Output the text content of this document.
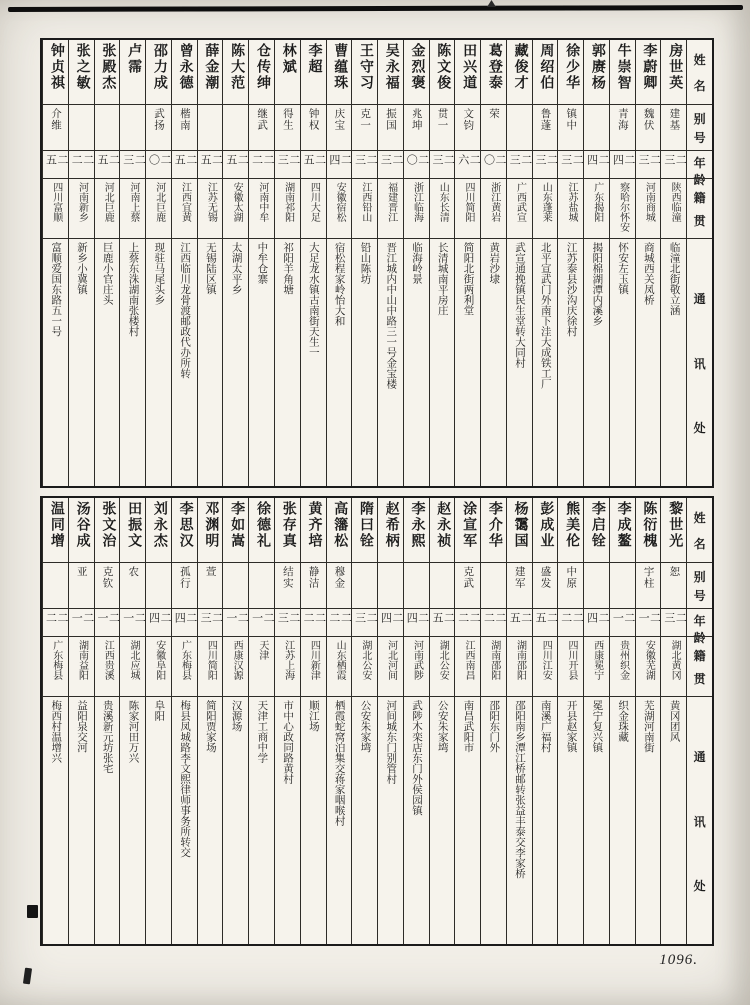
姓
名
别
号
年
龄
籍
贯
通
讯
处
房世英
建基
二三
陕西临潼
临潼北街敬立涵
李蔚卿
魏伏
二三
河南商城
商城西关凤桥
牛崇智
青海
二四
察哈尔怀安
怀安左玉镇
郭赓杨
二四
广东揭阳
揭阳棉湖潭内溪乡
徐少华
镇中
二三
江苏盐城
江苏泰县沙沟庆徐村
周绍伯
鲁蓬
二三
山东蓬莱
北平宣武门外南下洼大成铁工厂
藏俊才
二三
广西武宣
武宣通挽镇民生堂转大同村
葛登泰
荣
二〇
浙江黄岩
黄岩沙埭
田兴道
文钧
二六
四川简阳
简阳北街两利堂
陈文俊
贯一
二三
山东长清
长清城南平房庄
金烈褒
兆坤
二〇
浙江临海
临海岭景
吴永福
振国
二三
福建晋江
晋江城内中山中路三一号金宝楼
王守习
克一
二三
江西铅山
铅山陈坊
曹蕴珠
庆宝
二四
安徽宿松
宿松程家岭怡大和
李超
钟权
二五
四川大足
大足龙水镇古南街天生一
林斌
得生
二三
湖南祁阳
祁阳羊角塘
仓传绅
继武
二二
河南中牟
中牟仓寨
陈大范
二五
安徽太湖
太湖太平乡
薛金潮
二五
江苏无锡
无锡陆区镇
曾永德
楷南
二五
江西宜黄
江西临川龙骨渡邮政代办所转
邵力成
武扬
二〇
河北巨鹿
现驻马尾头乡
卢霈
二三
河南上蔡
上蔡东洙湖南张楼村
张殿杰
二五
河北巨鹿
巨鹿小官庄头
张之敏
二二
河南新乡
新乡小冀镇
钟贞祺
介维
二五
四川富顺
富顺爱国东路五一号
姓
名
别
号
年
龄
籍
贯
通
讯
处
黎世光
恕
二三
湖北黄冈
黄冈团风
陈衍槐
宇柱
二一
安徽芜湖
芜湖河南街
李成鳌
二一
贵州织金
织金珠藏
李启铨
二四
西康冕宁
冕宁复兴镇
熊美伦
中原
二二
四川开县
开县赵家镇
彭成业
盛发
二五
四川江安
南溪广福村
杨霭国
建军
二五
湖南邵阳
邵阳南乡潭江桥邮转张益丰泰交李家桥
李介华
二二
湖南邵阳
邵阳东门外
涂宣军
克武
二二
江西南昌
南昌武阳市
赵永祯
二五
湖北公安
公安朱家塆
李永熙
二四
河南武陟
武陟木栾店东门外侯园镇
赵希柄
二四
河北河间
河间城东门别管村
隋曰铨
二三
湖北公安
公安朱家塆
高籓松
穆金
二二
山东栖霞
栖霞蛇窝泊集交蒋家咽喉村
黄齐培
静洁
二二
四川新津
顺江场
张存真
结实
二三
江苏上海
市中心政同路黄村
徐德礼
二一
天津
天津工商中学
李如嵩
二一
西康汉源
汉源场
邓渊明
萱
二三
四川简阳
简阳贾家场
李思汉
孤行
二四
广东梅县
梅县凤城路李文熙律师事务所转交
刘永杰
二四
安徽阜阳
阜阳
田振文
农
二一
湖北应城
陈家河田万兴
张文治
克钦
二一
江西贵溪
贵溪新元坊张宅
汤谷成
亚
二一
湖南益阳
益阳泉交河
温同增
二二
广东梅县
梅西村温增兴
1096.
